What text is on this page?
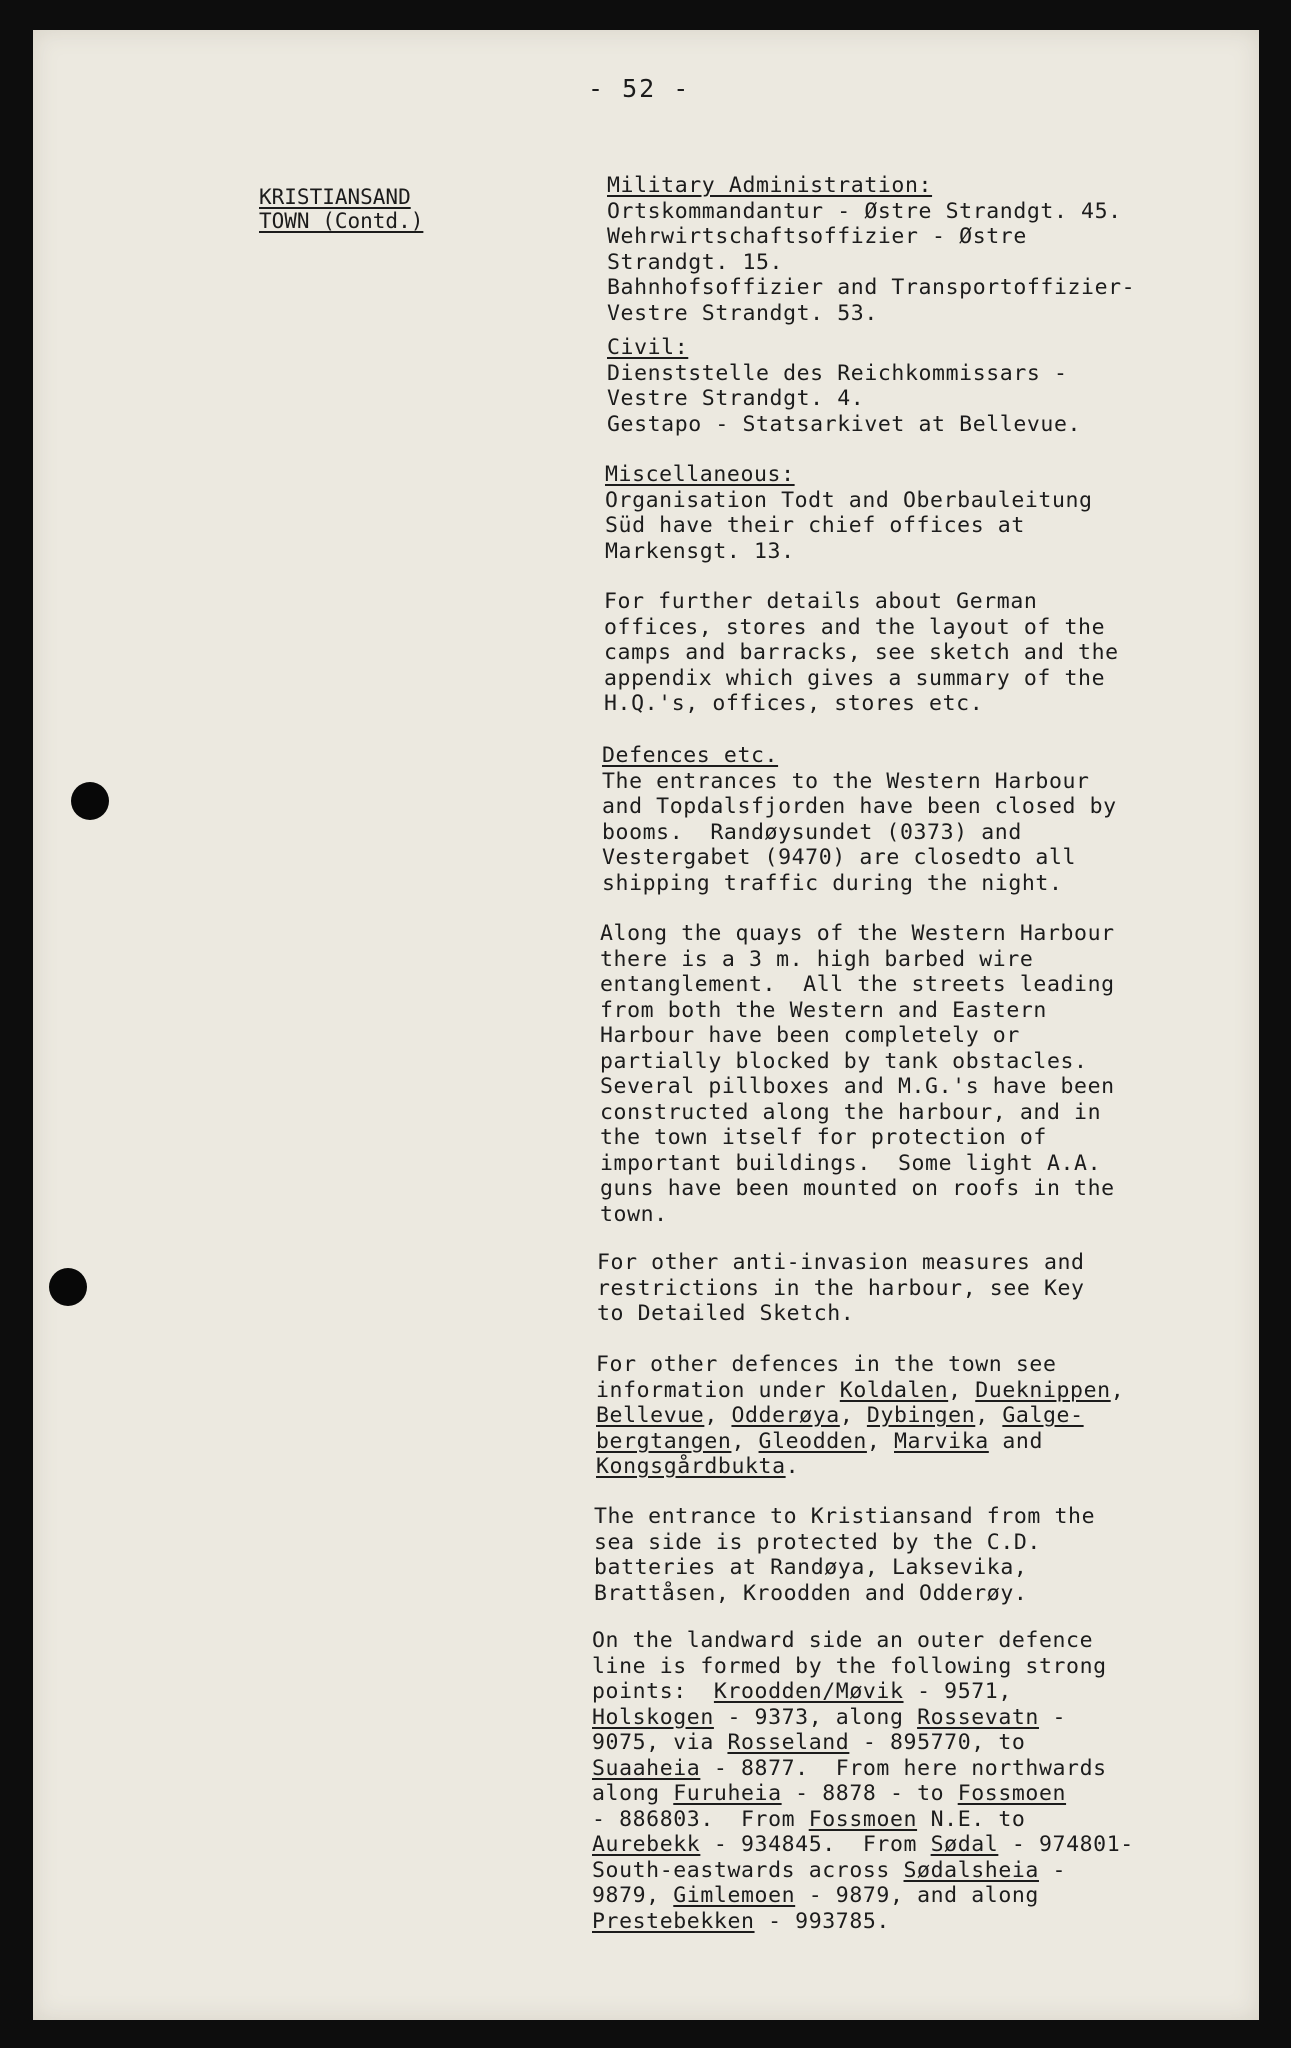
- 52 -
KRISTIANSAND
TOWN (Contd.)
Military Administration:
Ortskommandantur - Østre Strandgt. 45.
Wehrwirtschaftsoffizier - Østre
Strandgt. 15.
Bahnhofsoffizier and Transportoffizier-
Vestre Strandgt. 53.
Civil:
Dienststelle des Reichkommissars -
Vestre Strandgt. 4.
Gestapo - Statsarkivet at Bellevue.
Miscellaneous:
Organisation Todt and Oberbauleitung
Süd have their chief offices at
Markensgt. 13.
For further details about German
offices, stores and the layout of the
camps and barracks, see sketch and the
appendix which gives a summary of the
H.Q.'s, offices, stores etc.
Defences etc.
The entrances to the Western Harbour
and Topdalsfjorden have been closed by
booms.  Randøysundet (0373) and
Vestergabet (9470) are closedto all
shipping traffic during the night.
Along the quays of the Western Harbour
there is a 3 m. high barbed wire
entanglement.  All the streets leading
from both the Western and Eastern
Harbour have been completely or
partially blocked by tank obstacles.
Several pillboxes and M.G.'s have been
constructed along the harbour, and in
the town itself for protection of
important buildings.  Some light A.A.
guns have been mounted on roofs in the
town.
For other anti-invasion measures and
restrictions in the harbour, see Key
to Detailed Sketch.
For other defences in the town see
information under Koldalen, Dueknippen,
Bellevue, Odderøya, Dybingen, Galge-
bergtangen, Gleodden, Marvika and
Kongsgårdbukta.
The entrance to Kristiansand from the
sea side is protected by the C.D.
batteries at Randøya, Laksevika,
Brattåsen, Kroodden and Odderøy.
On the landward side an outer defence
line is formed by the following strong
points:  Kroodden/Møvik - 9571,
Holskogen - 9373, along Rossevatn -
9075, via Rosseland - 895770, to
Suaaheia - 8877.  From here northwards
along Furuheia - 8878 - to Fossmoen
- 886803.  From Fossmoen N.E. to
Aurebekk - 934845.  From Sødal - 974801-
South-eastwards across Sødalsheia -
9879, Gimlemoen - 9879, and along
Prestebekken - 993785.
